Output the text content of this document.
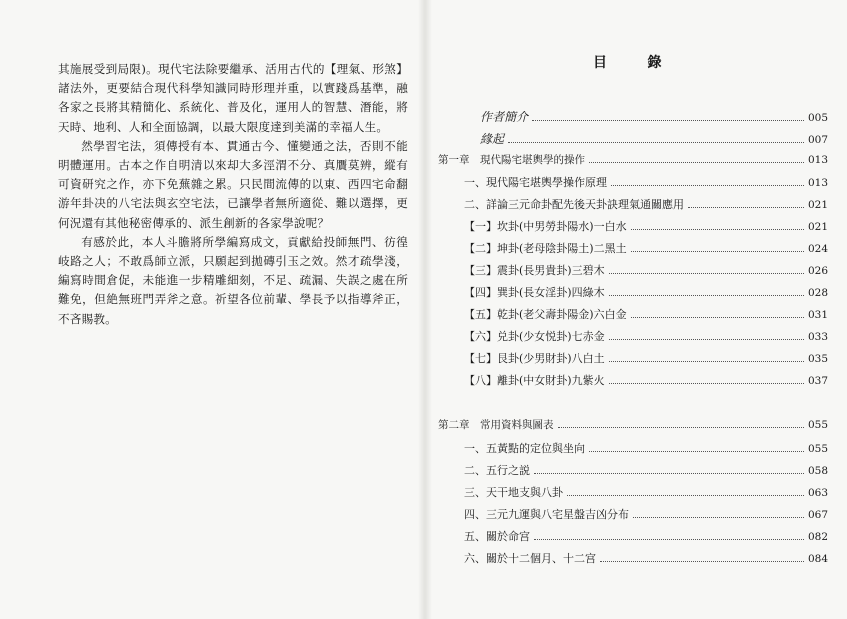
其施展受到局限)。現代宅法除要繼承、活用古代的【理氣、形煞】諸法外，更要結合現代科學知識同時形理并重，以實踐爲基準，融各家之長將其精簡化、系統化、普及化，運用人的智慧、潛能，將天時、地利、人和全面協調，以最大限度達到美滿的幸福人生。

然學習宅法，須傳授有本、貫通古今、懂變通之法，否則不能明體運用。古本之作自明清以來却大多涇渭不分、真贋莫辨，縱有可資研究之作，亦下免蕪雜之累。只民間流傳的以東、西四宅命翻游年卦决的八宅法與玄空宅法，已讓學者無所適從、難以選擇，更何況還有其他秘密傳承的、派生創新的各家學說呢？

有感於此，本人斗膽將所學編寫成文，貢獻給投師無門、彷徨岐路之人；不敢爲師立派，只願起到拋磚引玉之效。然才疏學淺，編寫時間倉促，未能進一步精雕細刻，不足、疏漏、失誤之處在所難免，但絶無班門弄斧之意。祈望各位前輩、學長予以指導斧正，不吝賜教。

目	錄
作者簡介	005
緣起	007
第一章　現代陽宅堪輿學的操作	013
一、現代陽宅堪輿學操作原理	013
二、詳論三元命卦配先後天卦訣理氣通關應用	021
【一】坎卦(中男勞卦陽水)一白水	021
【二】坤卦(老母陰卦陽土)二黑土	024
【三】震卦(長男貴卦)三碧木	026
【四】巽卦(長女淫卦)四綠木	028
【五】乾卦(老父壽卦陽金)六白金	031
【六】兑卦(少女悦卦)七赤金	033
【七】艮卦(少男財卦)八白土	035
【八】離卦(中女財卦)九紫火	037
第二章　常用資料與圖表	055
一、五黃點的定位與坐向	055
二、五行之説	058
三、天干地支與八卦	063
四、三元九運與八宅星盤吉凶分布	067
五、關於命宫	082
六、關於十二個月、十二宫	084
